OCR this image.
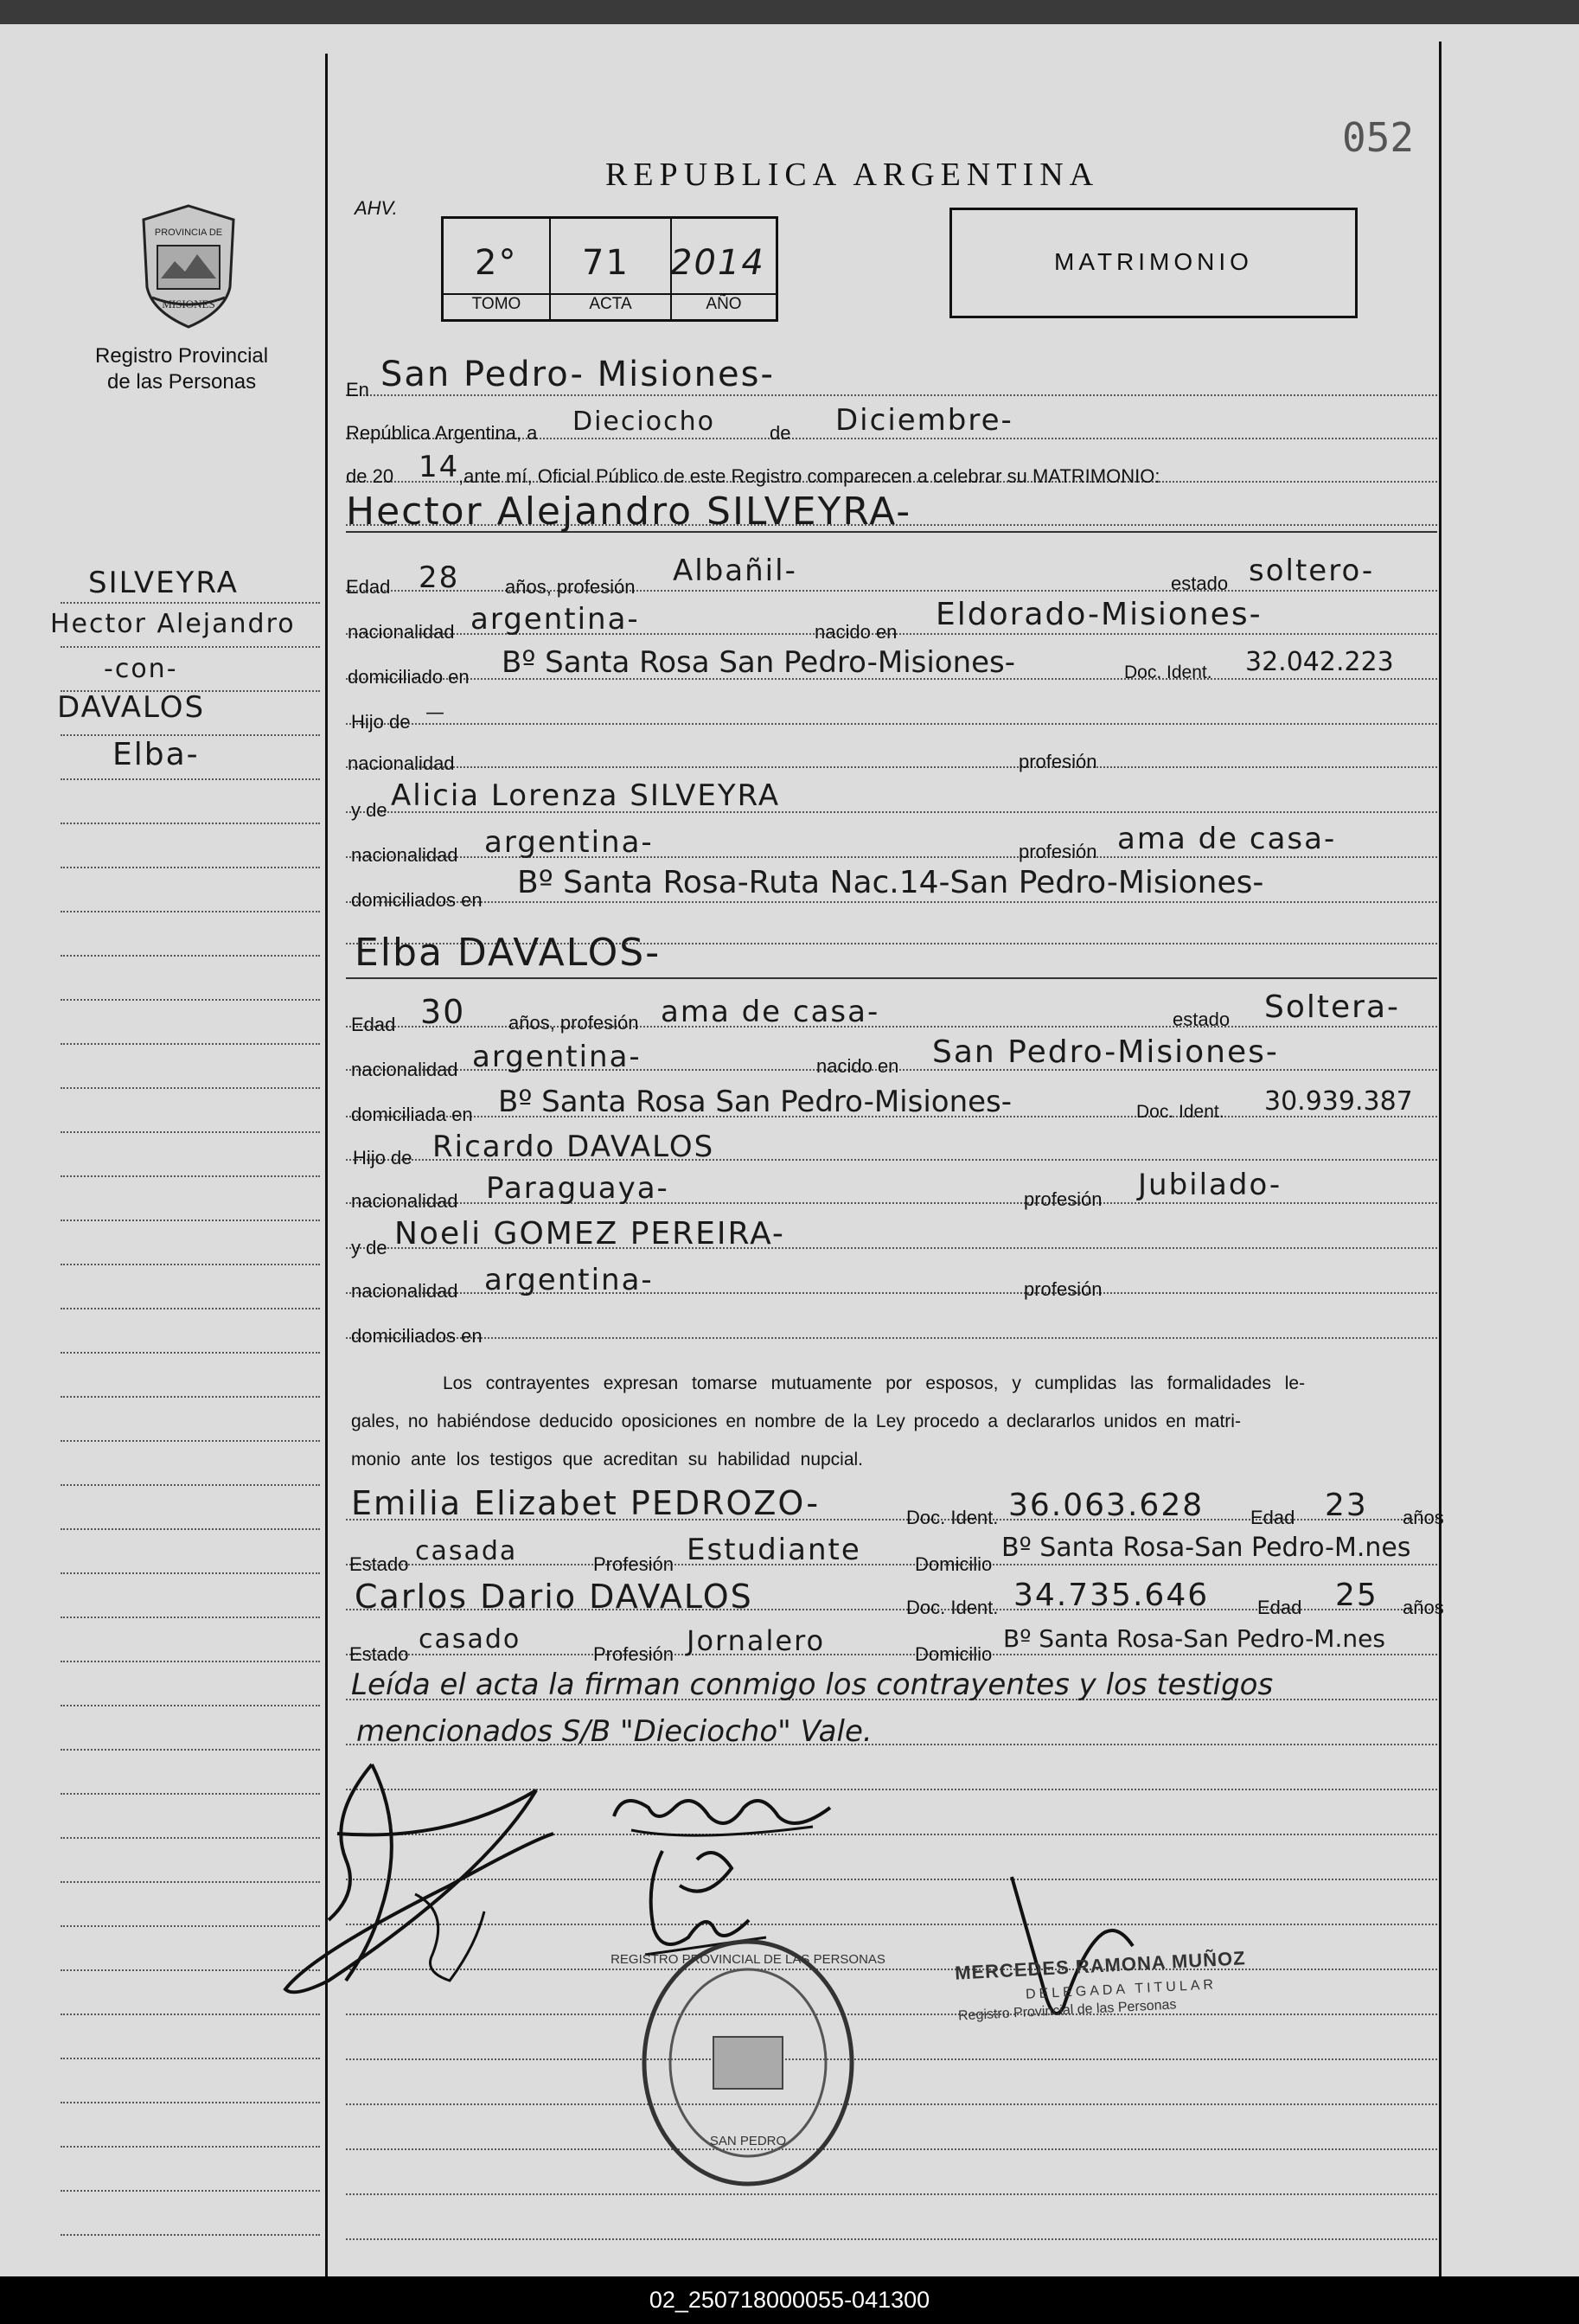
052
REPUBLICA ARGENTINA
AHV.
2° 71 2014
TOMO	ACTA	AÑO
MATRIMONIO
PROVINCIA DE
MISIONES
Registro Provincial
de las Personas
SILVEYRA
Hector Alejandro
-con-
DAVALOS
Elba-
En San Pedro- Misiones-
República Argentina, a Dieciocho	de Diciembre-
de 20 14
,ante mí, Oficial Público de este Registro comparecen a celebrar su MATRIMONIO:
Hector Alejandro SILVEYRA-
Edad 28 años, profesión Albañil-	estado soltero-
nacionalidad argentina-	nacido en Eldorado-Misiones-
domiciliado en Bº Santa Rosa San Pedro-Misiones-	Doc. Ident. 32.042.223
Hijo de —
nacionalidad	profesión
y de Alicia Lorenza SILVEYRA
nacionalidad argentina-	profesión ama de casa-
domiciliados en Bº Santa Rosa-Ruta Nac.14-San Pedro-Misiones-
Elba DAVALOS-
Edad 30 años, profesión ama de casa-	estado Soltera-
nacionalidad argentina-	nacido en San Pedro-Misiones-
domiciliada en Bº Santa Rosa San Pedro-Misiones-	Doc. Ident. 30.939.387
Hijo de Ricardo DAVALOS
nacionalidad Paraguaya-	profesión Jubilado-
y de Noeli GOMEZ PEREIRA-
nacionalidad argentina-	profesión
domiciliados en
Los contrayentes expresan tomarse mutuamente por esposos, y cumplidas las formalidades le-
gales, no habiéndose deducido oposiciones en nombre de la Ley procedo a declararlos unidos en matri-
monio ante los testigos que acreditan su habilidad nupcial.
Emilia Elizabet PEDROZO-	Doc. Ident. 36.063.628 Edad 23 años
Estado casada	Profesión Estudiante	Domicilio
Bº Santa Rosa-San Pedro-M.nes
Carlos Dario DAVALOS	Doc. Ident. 34.735.646	Edad 25 años
Estado casado	Profesión Jornalero	Domicilio
Bº Santa Rosa-San Pedro-M.nes
Leída el acta la firman conmigo los contrayentes y los testigos
mencionados S/B "Dieciocho" Vale.
MERCEDES RAMONA MUÑOZ
DELEGADA TITULAR
Registro Provincial de las Personas
REGISTRO PROVINCIAL DE LAS PERSONAS
SAN PEDRO
02_250718000055-041300
